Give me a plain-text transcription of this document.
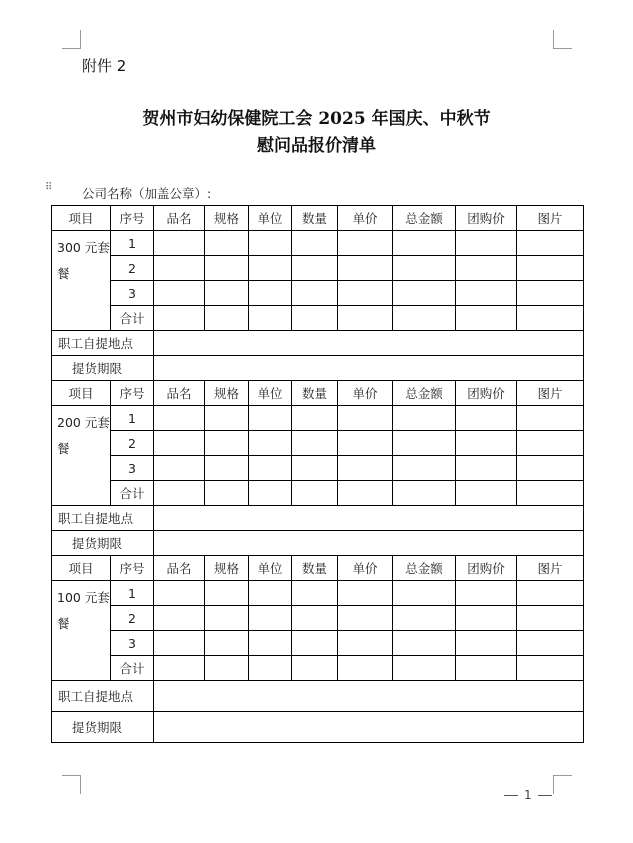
附件 2
贺州市妇幼保健院工会 2025 年国庆、中秋节
慰问品报价清单
⠿ 公司名称（加盖公章）:
项目	序号	品名	规格	单位	数量	单价	总金额	团购价	图片
300 元套餐	1								
	2								
	3								
	合计								
职工自提地点									
提货期限									
项目	序号	品名	规格	单位	数量	单价	总金额	团购价	图片
200 元套餐	1								
	2								
	3								
	合计								
职工自提地点									
提货期限									
项目	序号	品名	规格	单位	数量	单价	总金额	团购价	图片
100 元套餐	1								
	2								
	3								
	合计								
职工自提地点									
提货期限									
1
